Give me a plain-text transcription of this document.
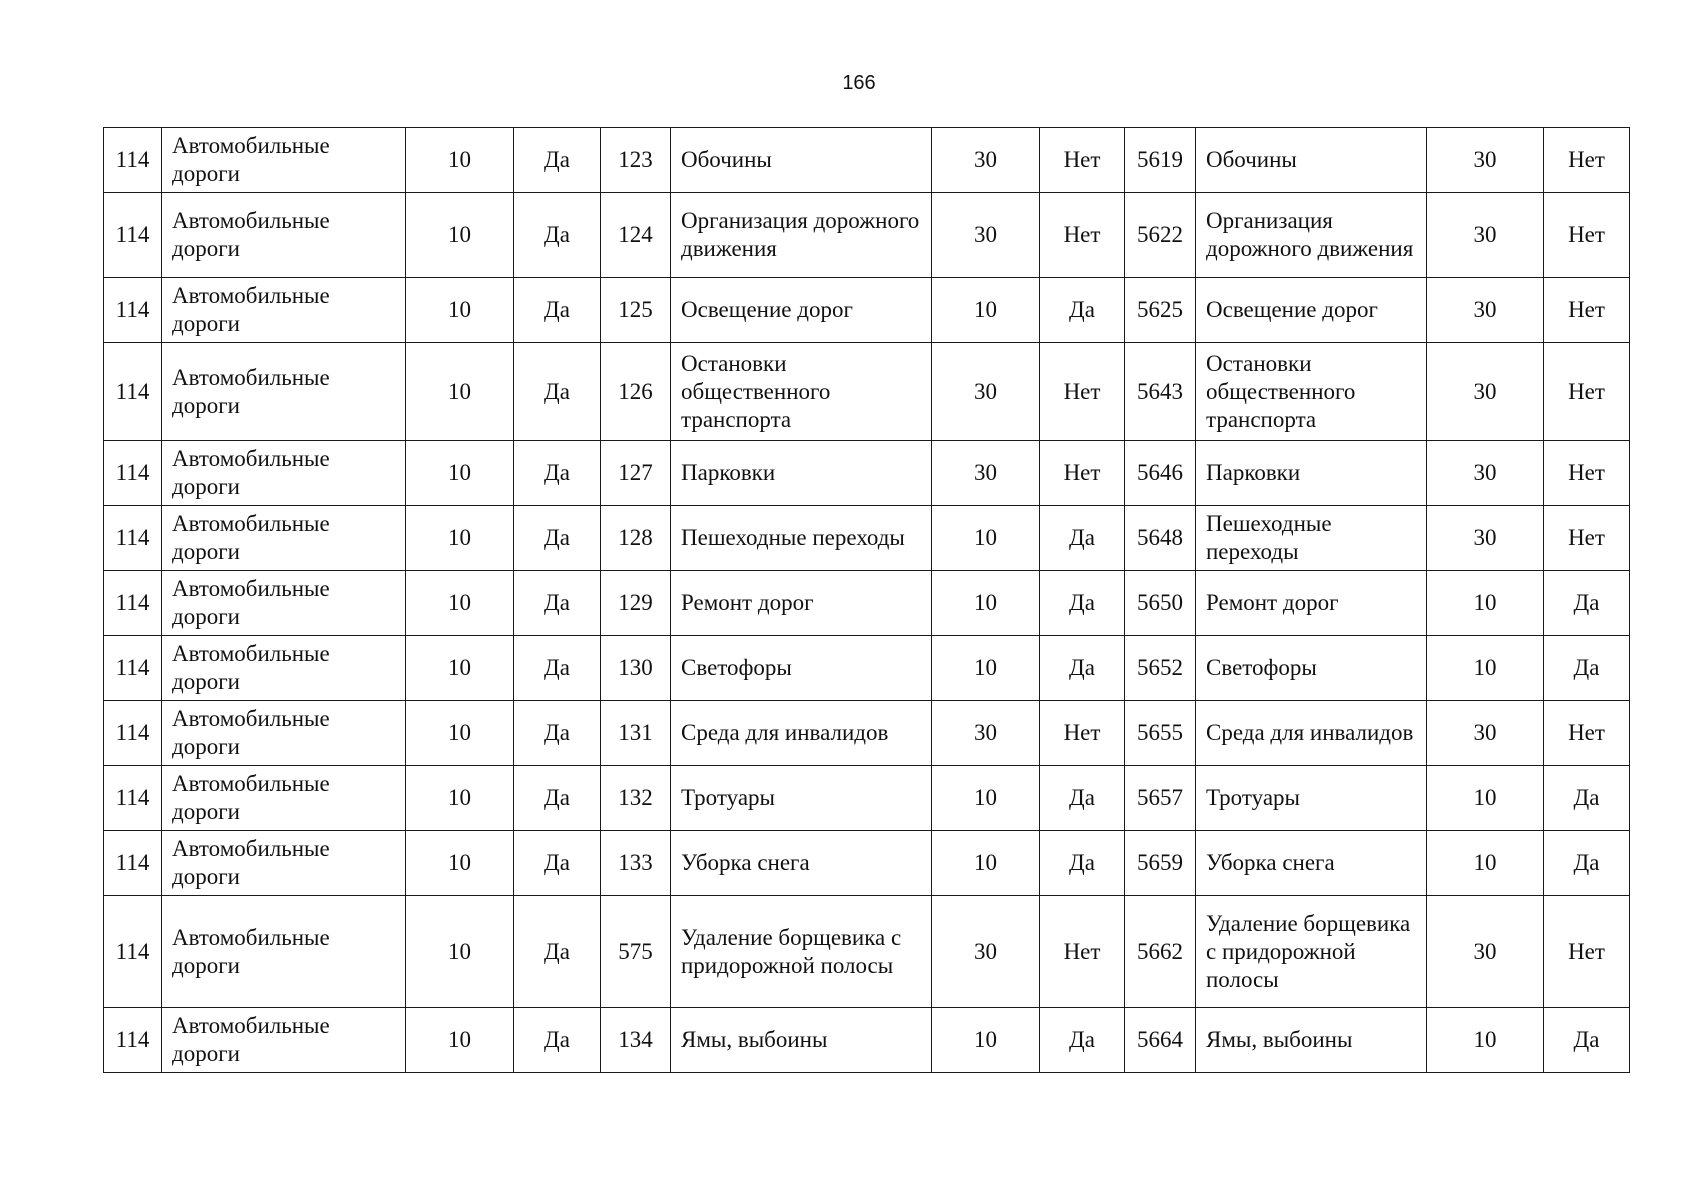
166
114	Автомобильные дороги	10	Да	123	Обочины	30	Нет	5619	Обочины	30	Нет
114	Автомобильные дороги	10	Да	124	Организация дорожного движения	30	Нет	5622	Организация дорожного движения	30	Нет
114	Автомобильные дороги	10	Да	125	Освещение дорог	10	Да	5625	Освещение дорог	30	Нет
114	Автомобильные дороги	10	Да	126	Остановки общественного транспорта	30	Нет	5643	Остановки общественного транспорта	30	Нет
114	Автомобильные дороги	10	Да	127	Парковки	30	Нет	5646	Парковки	30	Нет
114	Автомобильные дороги	10	Да	128	Пешеходные переходы	10	Да	5648	Пешеходные переходы	30	Нет
114	Автомобильные дороги	10	Да	129	Ремонт дорог	10	Да	5650	Ремонт дорог	10	Да
114	Автомобильные дороги	10	Да	130	Светофоры	10	Да	5652	Светофоры	10	Да
114	Автомобильные дороги	10	Да	131	Среда для инвалидов	30	Нет	5655	Среда для инвалидов	30	Нет
114	Автомобильные дороги	10	Да	132	Тротуары	10	Да	5657	Тротуары	10	Да
114	Автомобильные дороги	10	Да	133	Уборка снега	10	Да	5659	Уборка снега	10	Да
114	Автомобильные дороги	10	Да	575	Удаление борщевика с придорожной полосы	30	Нет	5662	Удаление борщевика с придорожной полосы	30	Нет
114	Автомобильные дороги	10	Да	134	Ямы, выбоины	10	Да	5664	Ямы, выбоины	10	Да
